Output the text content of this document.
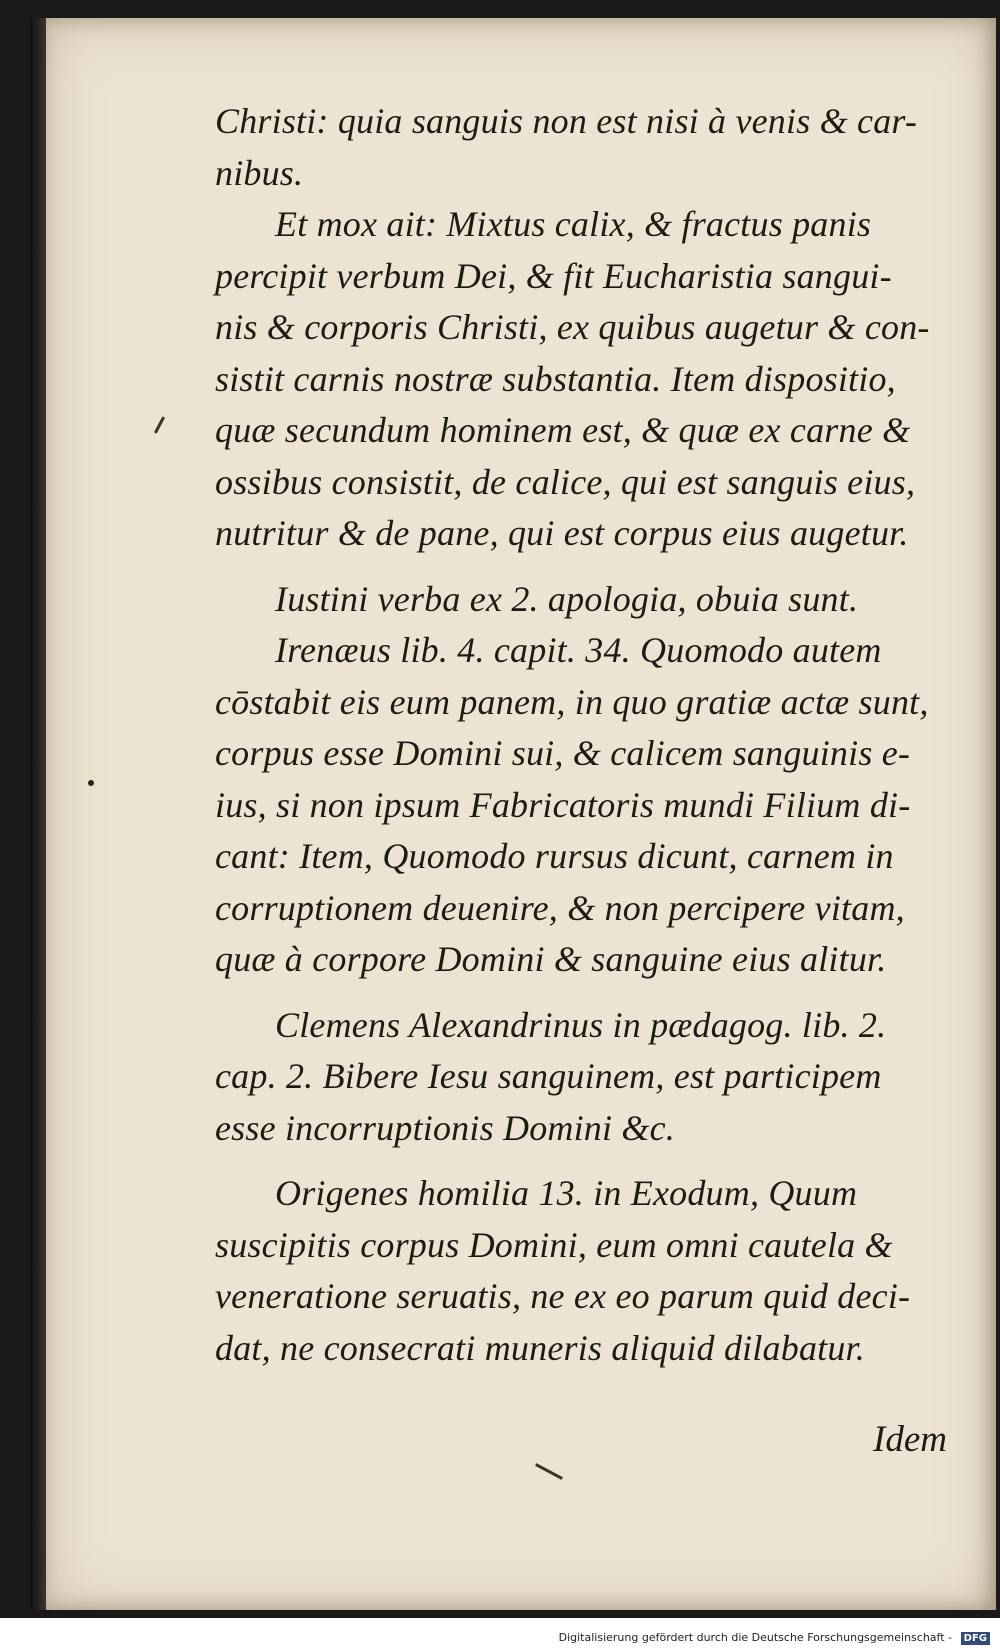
Christi: quia sanguis non est nisi à venis & car-
nibus.
Et mox ait: Mixtus calix, & fractus panis
percipit verbum Dei, & fit Eucharistia sangui-
nis & corporis Christi, ex quibus augetur & con-
sistit carnis nostræ substantia. Item dispositio,
quæ secundum hominem est, & quæ ex carne &
ossibus consistit, de calice, qui est sanguis eius,
nutritur & de pane, qui est corpus eius augetur.
Iustini verba ex 2. apologia, obuia sunt.
Irenæus lib. 4. capit. 34. Quomodo autem
cōstabit eis eum panem, in quo gratiæ actæ sunt,
corpus esse Domini sui, & calicem sanguinis e-
ius, si non ipsum Fabricatoris mundi Filium di-
cant: Item, Quomodo rursus dicunt, carnem in
corruptionem deuenire, & non percipere vitam,
quæ à corpore Domini & sanguine eius alitur.
Clemens Alexandrinus in pædagog. lib. 2.
cap. 2. Bibere Iesu sanguinem, est participem
esse incorruptionis Domini &c.
Origenes homilia 13. in Exodum, Quum
suscipitis corpus Domini, eum omni cautela &
veneratione seruatis, ne ex eo parum quid deci-
dat, ne consecrati muneris aliquid dilabatur.
Idem
Digitalisierung gefördert durch die Deutsche Forschungsgemeinschaft -	DFG
